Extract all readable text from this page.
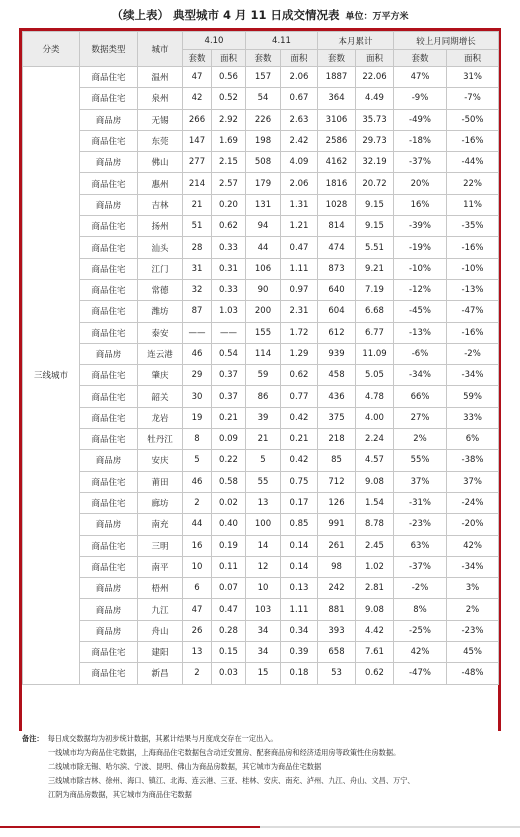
（续上表） 典型城市 4 月 11 日成交情况表 单位：万平方米
分类	数据类型	城市	4.10		4.11		本月累计		较上月同期增长	
			套数	面积	套数	面积	套数	面积	套数	面积
三线城市	商品住宅	温州	47	0.56	157	2.06	1887	22.06	47%	31%
	商品住宅	泉州	42	0.52	54	0.67	364	4.49	-9%	-7%
	商品房	无锡	266	2.92	226	2.63	3106	35.73	-49%	-50%
	商品住宅	东莞	147	1.69	198	2.42	2586	29.73	-18%	-16%
	商品房	佛山	277	2.15	508	4.09	4162	32.19	-37%	-44%
	商品住宅	惠州	214	2.57	179	2.06	1816	20.72	20%	22%
	商品房	吉林	21	0.20	131	1.31	1028	9.15	16%	11%
	商品住宅	扬州	51	0.62	94	1.21	814	9.15	-39%	-35%
	商品住宅	汕头	28	0.33	44	0.47	474	5.51	-19%	-16%
	商品住宅	江门	31	0.31	106	1.11	873	9.21	-10%	-10%
	商品住宅	常德	32	0.33	90	0.97	640	7.19	-12%	-13%
	商品住宅	潍坊	87	1.03	200	2.31	604	6.68	-45%	-47%
	商品住宅	泰安	——	——	155	1.72	612	6.77	-13%	-16%
	商品房	连云港	46	0.54	114	1.29	939	11.09	-6%	-2%
	商品住宅	肇庆	29	0.37	59	0.62	458	5.05	-34%	-34%
	商品住宅	韶关	30	0.37	86	0.77	436	4.78	66%	59%
	商品住宅	龙岩	19	0.21	39	0.42	375	4.00	27%	33%
	商品住宅	牡丹江	8	0.09	21	0.21	218	2.24	2%	6%
	商品房	安庆	5	0.22	5	0.42	85	4.57	55%	-38%
	商品住宅	莆田	46	0.58	55	0.75	712	9.08	37%	37%
	商品住宅	廊坊	2	0.02	13	0.17	126	1.54	-31%	-24%
	商品房	南充	44	0.40	100	0.85	991	8.78	-23%	-20%
	商品住宅	三明	16	0.19	14	0.14	261	2.45	63%	42%
	商品住宅	南平	10	0.11	12	0.14	98	1.02	-37%	-34%
	商品房	梧州	6	0.07	10	0.13	242	2.81	-2%	3%
	商品房	九江	47	0.47	103	1.11	881	9.08	8%	2%
	商品房	舟山	26	0.28	34	0.34	393	4.42	-25%	-23%
	商品住宅	建阳	13	0.15	34	0.39	658	7.61	42%	45%
	商品住宅	新昌	2	0.03	15	0.18	53	0.62	-47%	-48%
备注： 每日成交数据均为初步统计数据，其累计结果与月度成交存在一定出入。
一线城市均为商品住宅数据，上海商品住宅数据包含动迁安置房、配套商品房和经济适用房等政策性住房数据。
二线城市除无锡、哈尔滨、宁波、昆明、佛山为商品房数据，其它城市为商品住宅数据
三线城市除吉林、徐州、海口、镇江、北海、连云港、三亚、桂林、安庆、南充、泸州、九江、舟山、文昌、万宁、
江阴为商品房数据，其它城市为商品住宅数据
